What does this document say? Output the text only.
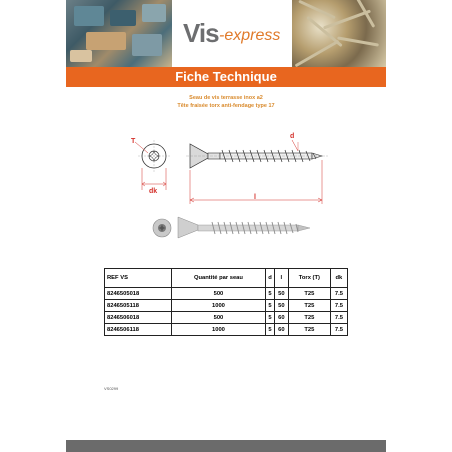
Vis -express
Fiche Technique
Seau de vis terrasse inox a2
Tête fraisée torx anti-fendage type 17
T
dk
d
l
REF VS	Quantité par seau	d	l	Torx (T)	dk
8246505018	500	5	50	T25	7.5
8246505118	1000	5	50	T25	7.5
8246506018	500	5	60	T25	7.5
8246506118	1000	5	60	T25	7.5
VS0299
